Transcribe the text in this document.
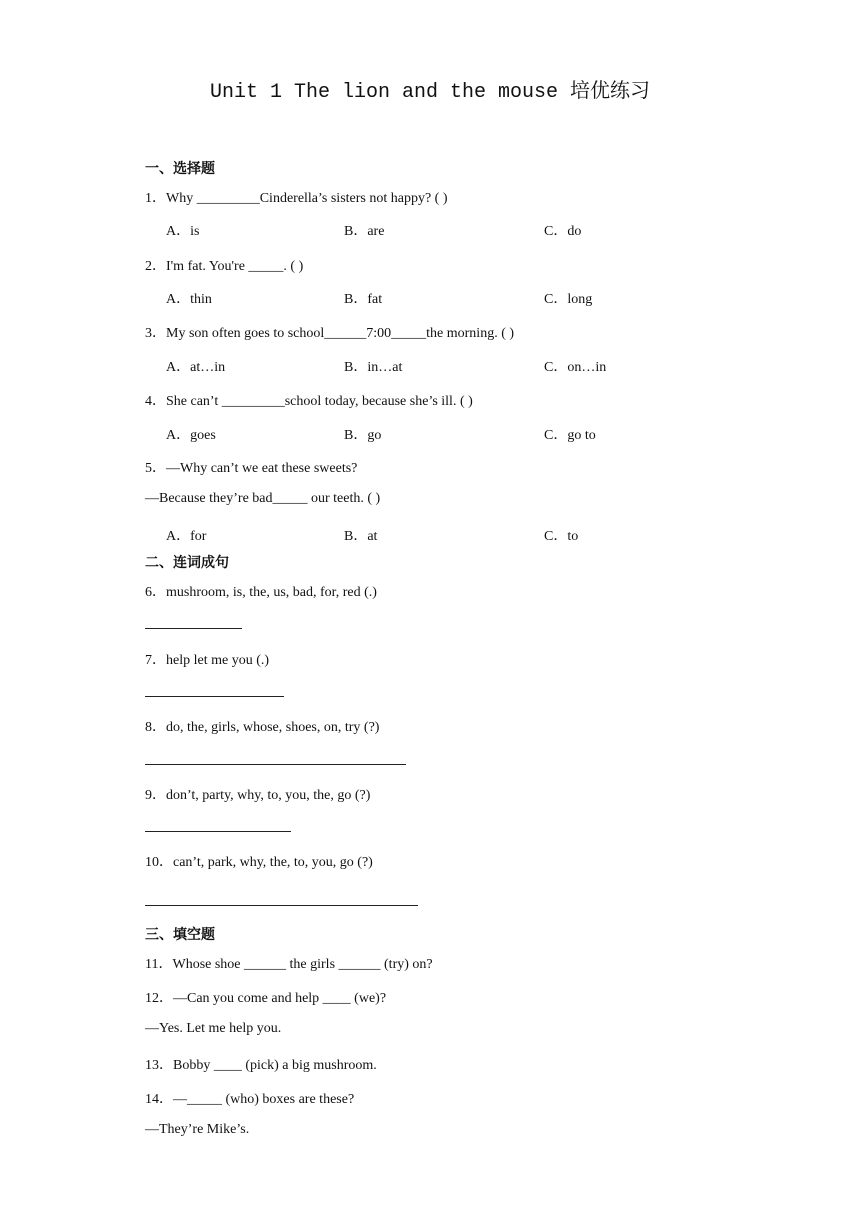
Unit 1 The lion and the mouse 培优练习
一、选择题
1．Why _________Cinderella’s sisters not happy? ( )
A．is	B．are	C．do
2．I'm fat. You're _____. ( )
A．thin	B．fat	C．long
3．My son often goes to school______7:00_____the morning. ( )
A．at…in	B．in…at	C．on…in
4．She can’t _________school today, because she’s ill. ( )
A．goes	B．go	C．go to
5．—Why can’t we eat these sweets?
—Because they’re bad_____ our teeth. ( )
A．for	B．at	C．to
二、连词成句
6．mushroom, is, the, us, bad, for, red (.)
7．help let me you (.)
8．do, the, girls, whose, shoes, on, try (?)
9．don’t, party, why, to, you, the, go (?)
10．can’t, park, why, the, to, you, go (?)
三、填空题
11．Whose shoe ______ the girls ______ (try) on?
12．—Can you come and help ____ (we)?
—Yes. Let me help you.
13．Bobby ____ (pick) a big mushroom.
14．—_____ (who) boxes are these?
—They’re Mike’s.
